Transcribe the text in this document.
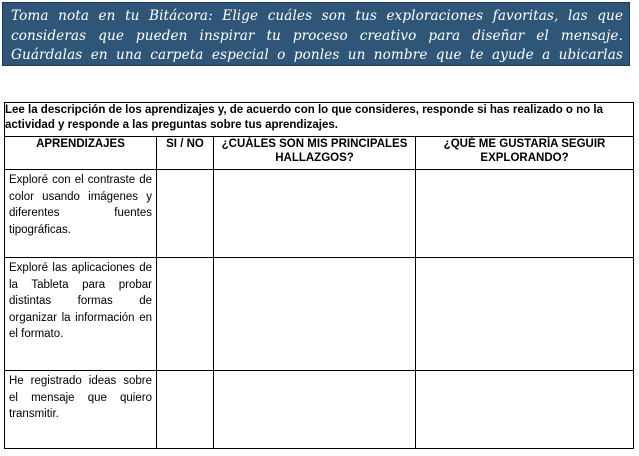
Toma nota en tu Bitácora: Elige cuáles son tus exploraciones favoritas, las que consideras que pueden inspirar tu proceso creativo para diseñar el mensaje. Guárdalas en una carpeta especial o ponles un nombre que te ayude a ubicarlas rápidamente.
Lee la descripción de los aprendizajes y, de acuerdo con lo que consideres, responde si has realizado o no la actividad y responde a las preguntas sobre tus aprendizajes.			
APRENDIZAJES	SI / NO	¿CUÁLES SON MIS PRINCIPALES HALLAZGOS?	¿QUÉ ME GUSTARÍA SEGUIR EXPLORANDO?
Exploré con el contraste de color usando imágenes y diferentes fuentes tipográficas.			
Exploré las aplicaciones de la Tableta para probar distintas formas de organizar la información en el formato.			
He registrado ideas sobre el mensaje que quiero transmitir.			
